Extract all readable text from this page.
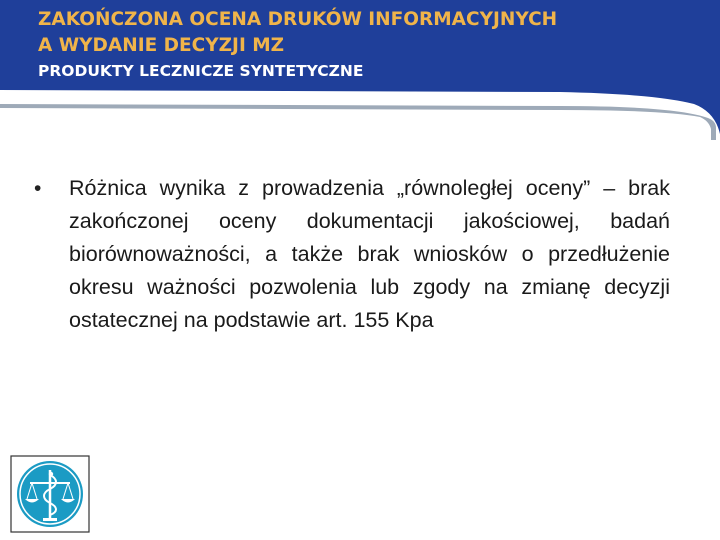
ZAKOŃCZONA OCENA DRUKÓW INFORMACYJNYCH
A WYDANIE DECYZJI MZ
PRODUKTY LECZNICZE SYNTETYCZNE
• Różnica wynika z prowadzenia „równoległej oceny” – brak zakończonej oceny dokumentacji jakościowej, badań biorównoważności, a także brak wniosków o przedłużenie okresu ważności pozwolenia lub zgody na zmianę decyzji ostatecznej na podstawie art. 155 Kpa
